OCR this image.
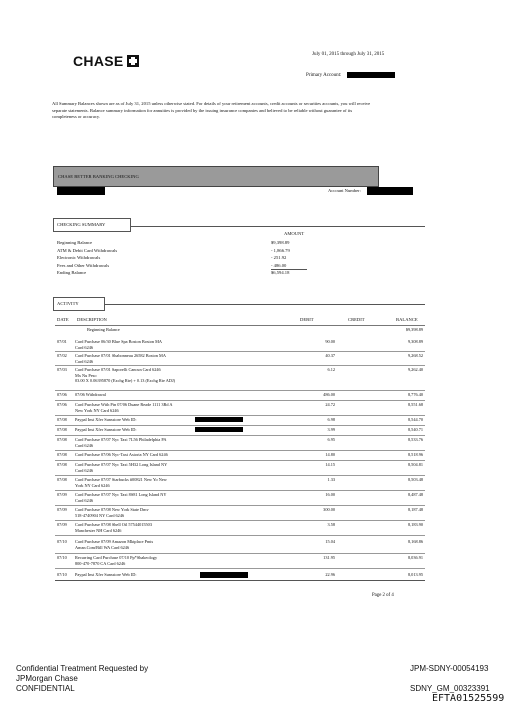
CHASE	July 01, 2015 through July 31, 2015
Primary Account:
All Summary Balances shown are as of July 31, 2015 unless otherwise stated. For details of your retirement accounts, credit accounts or securities accounts, you will receive separate statements. Balance summary information for annuities is provided by the issuing insurance companies and believed to be reliable without guarantee of its completeness or accuracy.
CHASE BETTER BANKING CHECKING
Account Number:
CHECKING SUMMARY
AMOUNT
Beginning Balance	$9,398.89
ATM & Debit Card Withdrawals	- 1,866.79
Electronic Withdrawals	- 251.92
Fees and Other Withdrawals	- 486.00
Ending Balance	$6,594.18
ACTIVITY
DATE DESCRIPTION	DEBIT	CREDIT	BALANCE
Beginning Balance	$9,398.89
07/01 Card Purchase 06/30 Blue Spa Boston Boston MA
Card 6246
90.00	9,308.89
07/02 Card Purchase 07/01 Shabonneau 26582 Boston MA
Card 6246
40.37	9,268.52
07/03 Card Purchase 07/01 Saporelli Cancun Card 6246
Mx Nu Peso
03.00 X 0.06395870 (Exchg Rte) + 0.13 (Exchg Rte ADJ)
6.12	9,262.40
07/06 07/06 Withdrawal	486.00	8,776.40
07/06 Card Purchase With Pin 07/06 Duane Reade 1111 3Rd A
New York NY Card 6246
24.72	8,551.68
07/08 Paypal Inst Xfer Sunsstore Web ID:	6.98	8,544.70
07/08 Paypal Inst Xfer Sunsstore Web ID:	3.99	8,540.71
07/08 Card Purchase 07/07 Nyc Taxi 7L56 Philadelphia PA
Card 6246
6.95	8,533.76
07/08 Card Purchase 07/06 Nyc-Taxi Astoria NY Card 6246	14.80	8,518.96
07/08 Card Purchase 07/07 Nyc Taxi 5H32 Long Island NY
Card 6246
14.15	8,504.81
07/08 Card Purchase 07/07 Starbucks #00821 New Yo New
York NY Card 6246
1.33	8,503.48
07/09 Card Purchase 07/07 Nyc Taxi 8S81 Long Island NY
Card 6246
16.00	8,487.48
07/09 Card Purchase 07/08 New York State Dmv
518-4740904 NY Card 6246
300.00	8,187.48
07/09 Card Purchase 07/08 Shell Oil 57544015503
Manchester NH Card 6246
3.58	8,183.90
07/10 Card Purchase 07/09 Amazon Mktplace Pmts
Amzn.Com/Bill WA Card 6246
15.04	8,168.86
07/10 Recurring Card Purchase 07/10 Pp*Shakeology
800-470-7870 CA Card 6246
131.95	8,036.91
07/10 Paypal Inst Xfer Sunsstore Web ID:	22.96	8,013.95
Page 2 of 4
Confidential Treatment Requested by
JPMorgan Chase
CONFIDENTIAL
JPM-SDNY-00054193
SDNY_GM_00323391
EFTA01525599
